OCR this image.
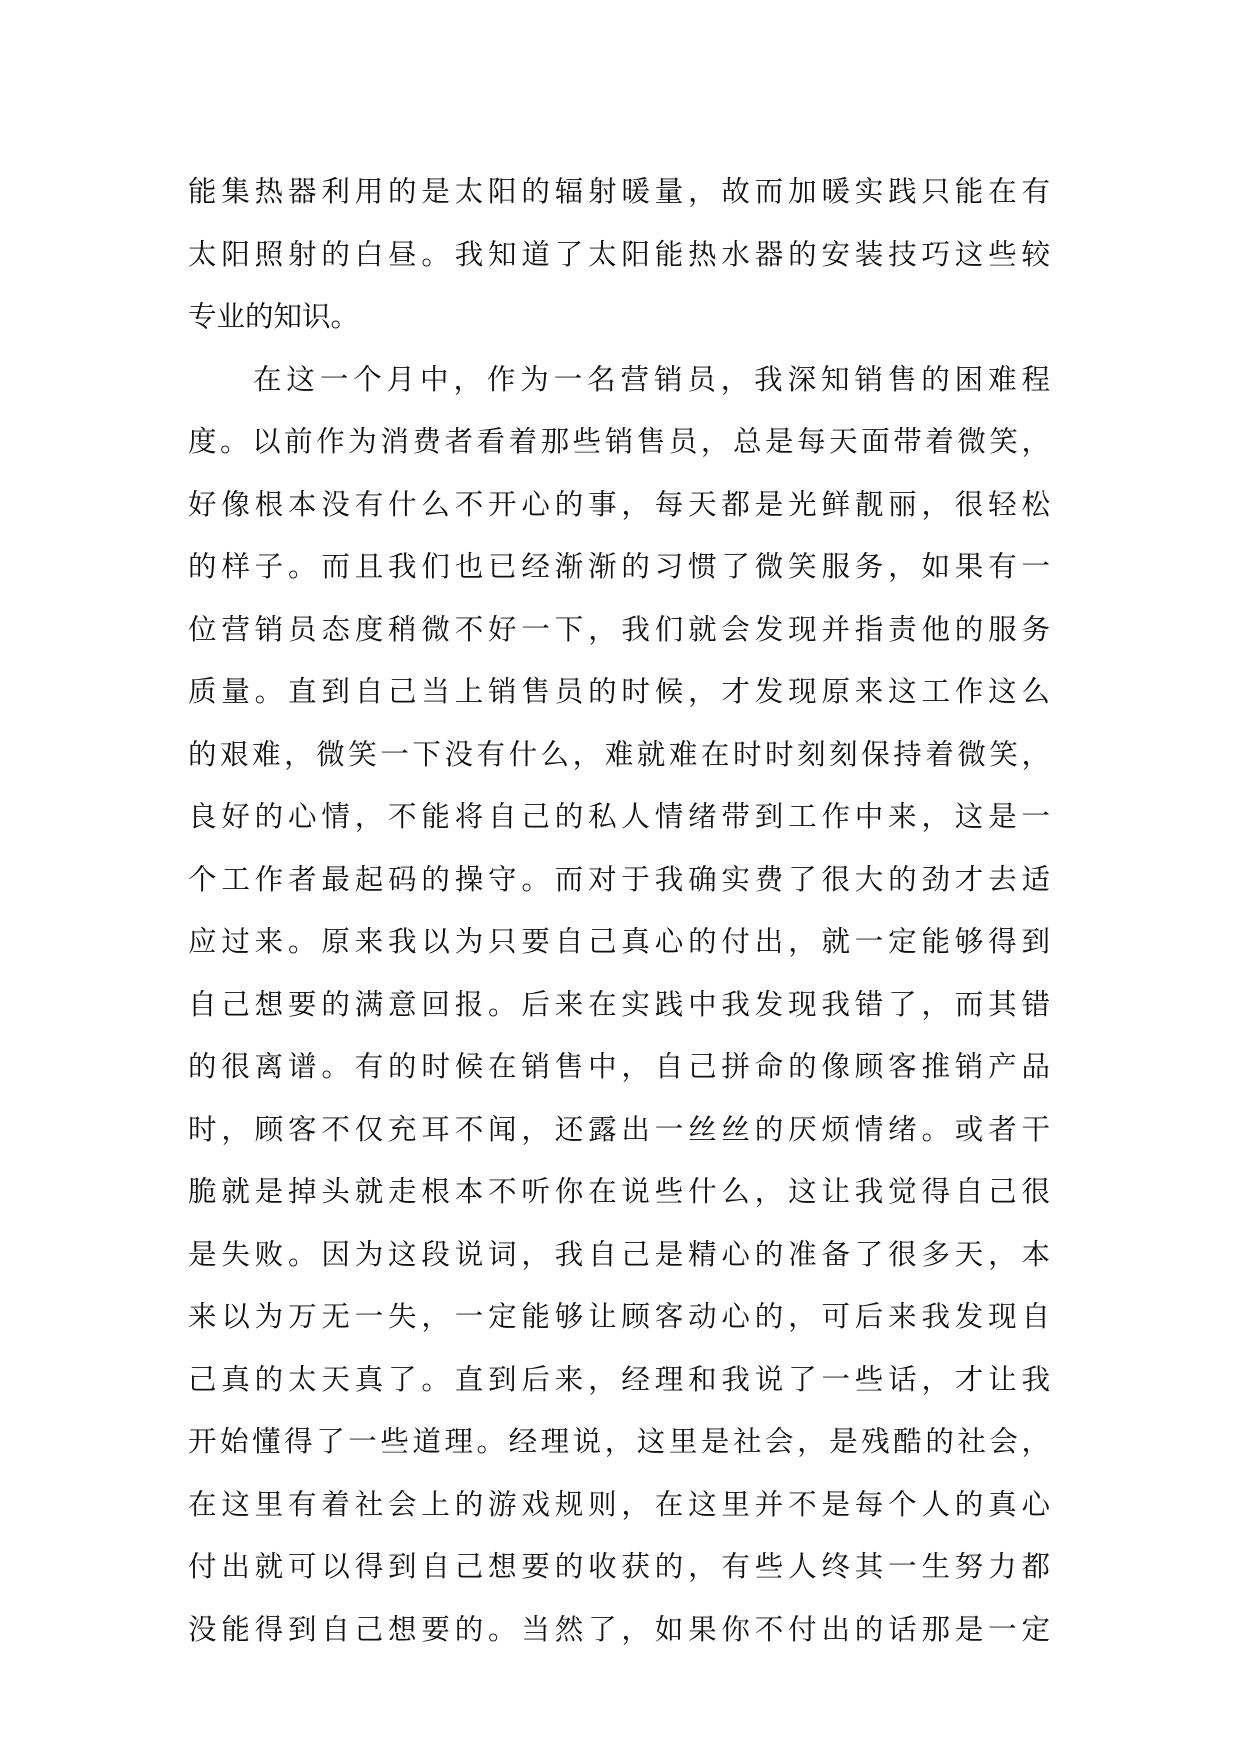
能集热器利用的是太阳的辐射暖量，故而加暖实践只能在有
太阳照射的白昼。我知道了太阳能热水器的安装技巧这些较
专业的知识。
在这一个月中，作为一名营销员，我深知销售的困难程
度。以前作为消费者看着那些销售员，总是每天面带着微笑，
好像根本没有什么不开心的事，每天都是光鲜靓丽，很轻松
的样子。而且我们也已经渐渐的习惯了微笑服务，如果有一
位营销员态度稍微不好一下，我们就会发现并指责他的服务
质量。直到自己当上销售员的时候，才发现原来这工作这么
的艰难，微笑一下没有什么，难就难在时时刻刻保持着微笑，
良好的心情，不能将自己的私人情绪带到工作中来，这是一
个工作者最起码的操守。而对于我确实费了很大的劲才去适
应过来。原来我以为只要自己真心的付出，就一定能够得到
自己想要的满意回报。后来在实践中我发现我错了，而其错
的很离谱。有的时候在销售中，自己拼命的像顾客推销产品
时，顾客不仅充耳不闻，还露出一丝丝的厌烦情绪。或者干
脆就是掉头就走根本不听你在说些什么，这让我觉得自己很
是失败。因为这段说词，我自己是精心的准备了很多天，本
来以为万无一失，一定能够让顾客动心的，可后来我发现自
己真的太天真了。直到后来，经理和我说了一些话，才让我
开始懂得了一些道理。经理说，这里是社会，是残酷的社会，
在这里有着社会上的游戏规则，在这里并不是每个人的真心
付出就可以得到自己想要的收获的，有些人终其一生努力都
没能得到自己想要的。当然了，如果你不付出的话那是一定
